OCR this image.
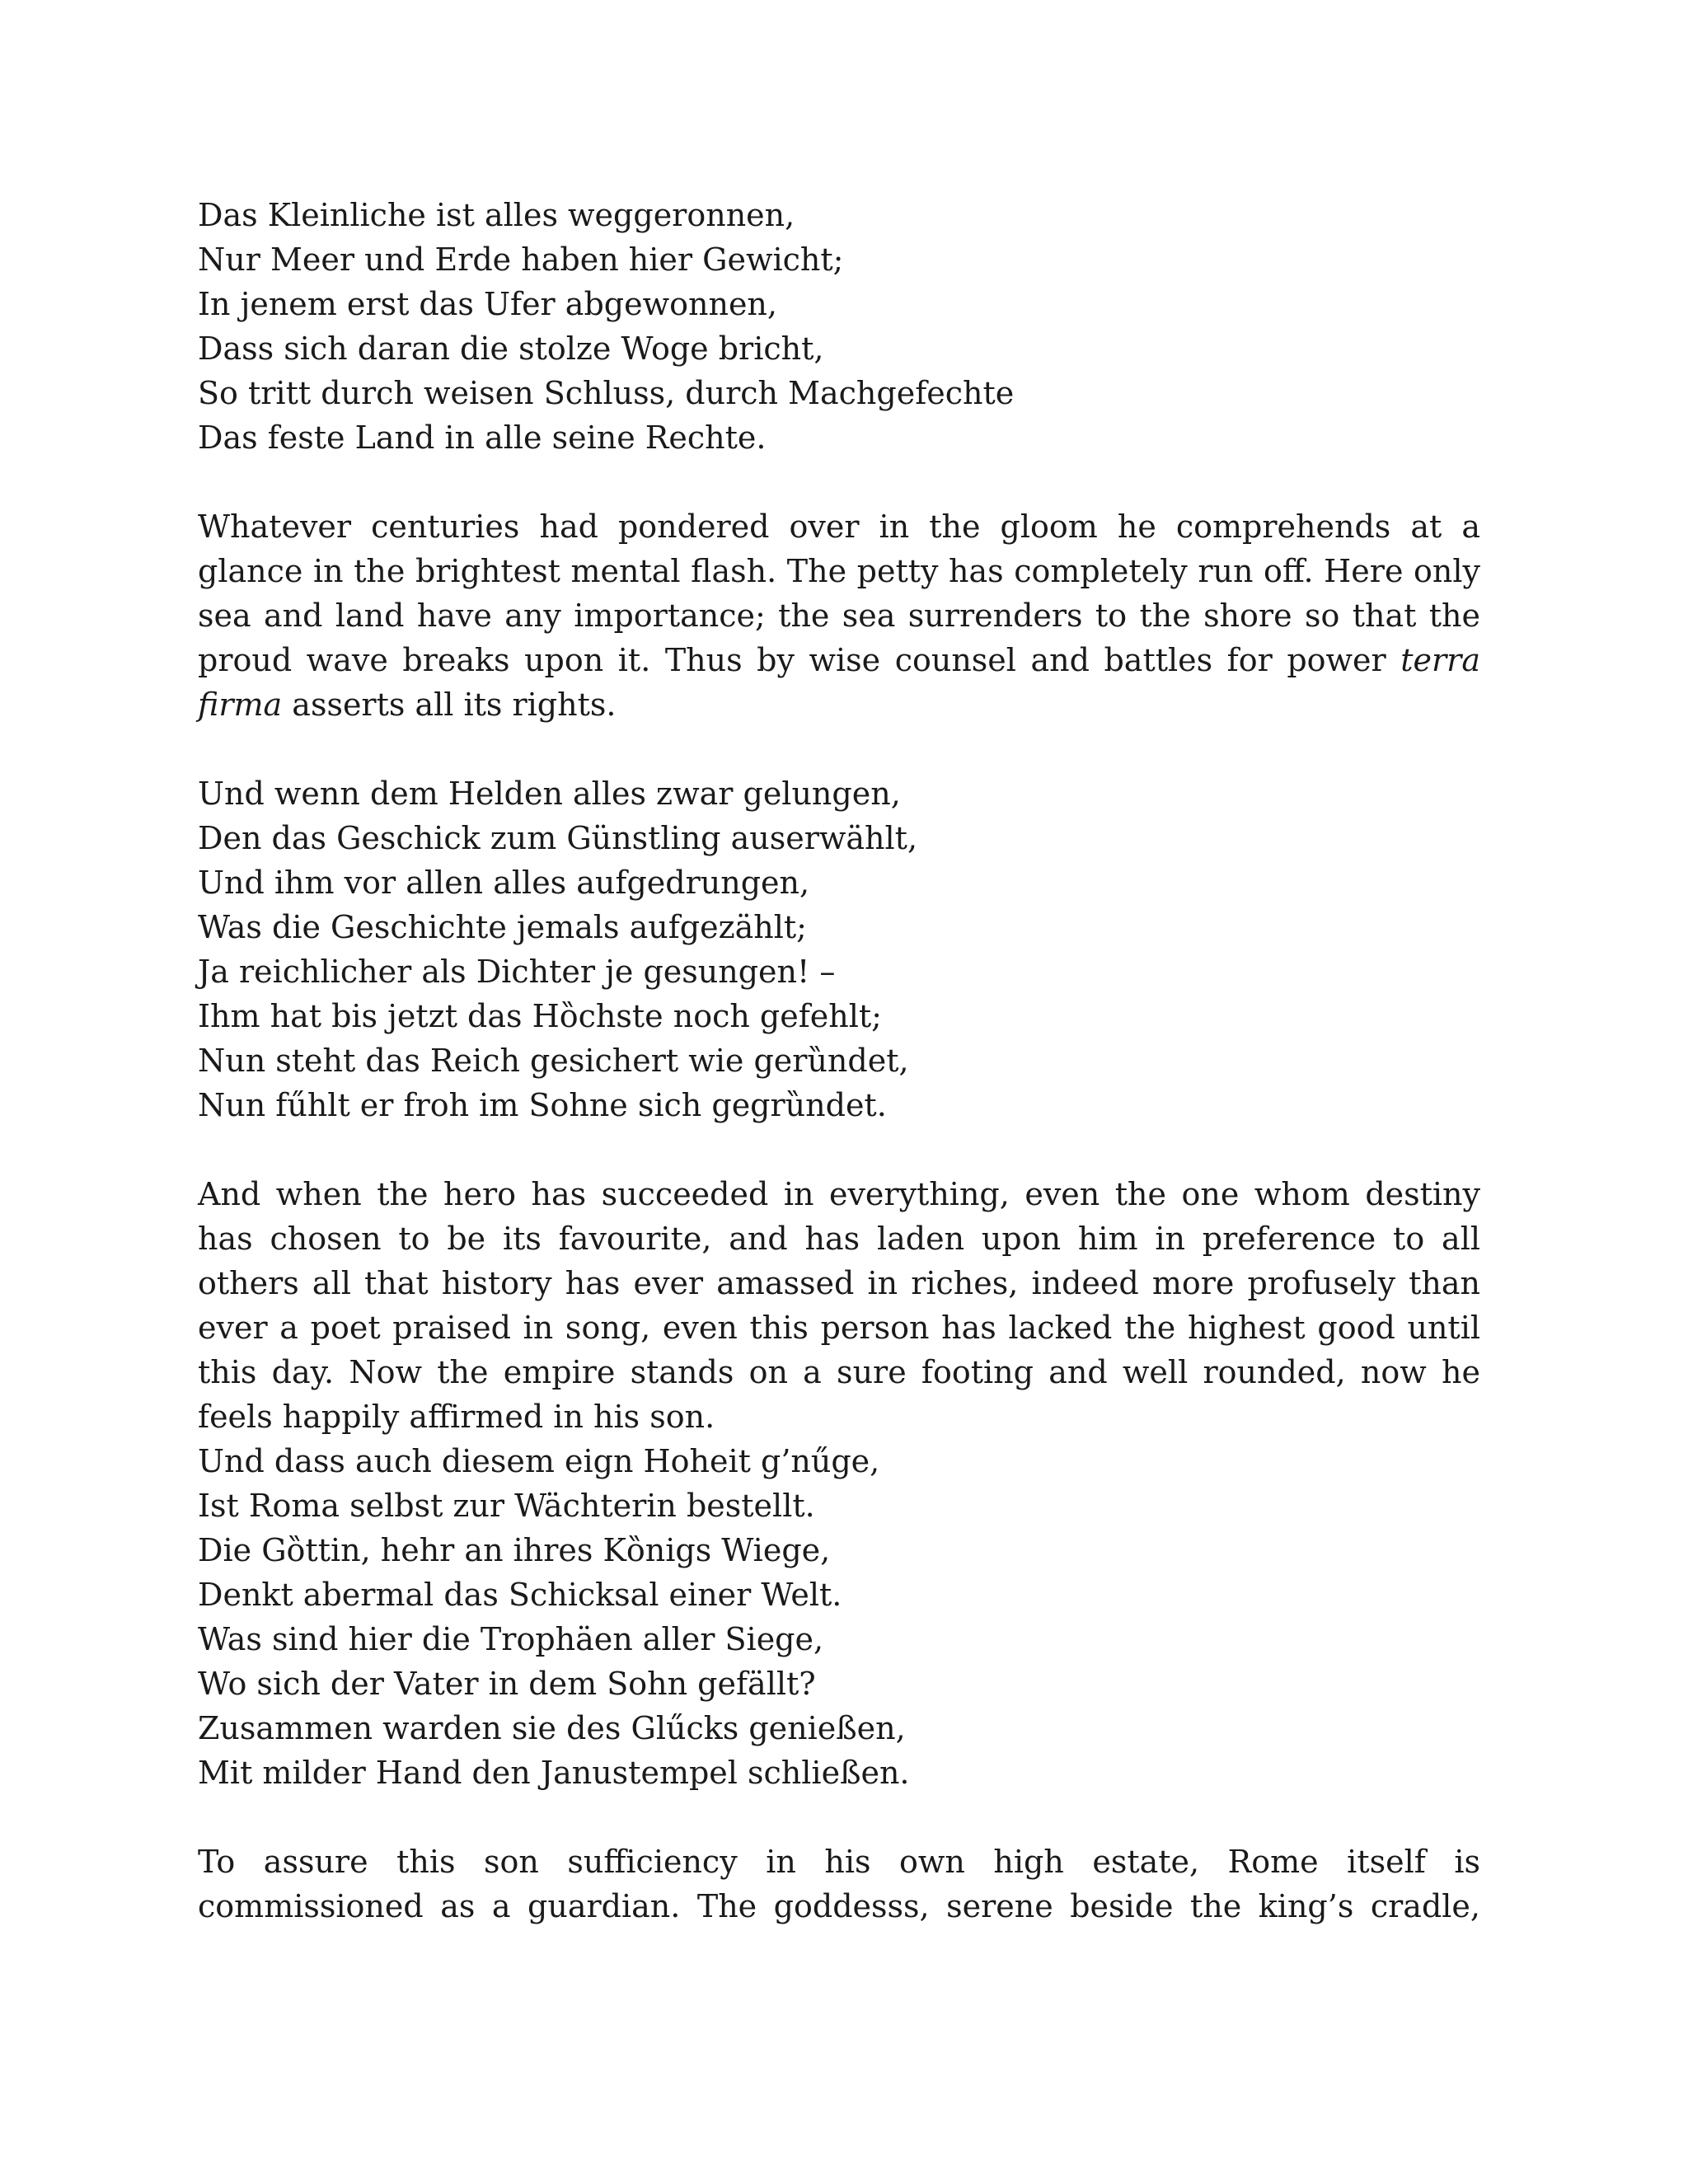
Das Kleinliche ist alles weggeronnen,
Nur Meer und Erde haben hier Gewicht;
In jenem erst das Ufer abgewonnen,
Dass sich daran die stolze Woge bricht,
So tritt durch weisen Schluss, durch Machgefechte
Das feste Land in alle seine Rechte.

Whatever centuries had pondered over in the gloom he comprehends at a glance in the brightest mental flash. The petty has completely run off. Here only sea and land have any importance; the sea surrenders to the shore so that the proud wave breaks upon it. Thus by wise counsel and battles for power terra firma asserts all its rights.

Und wenn dem Helden alles zwar gelungen,
Den das Geschick zum Günstling auserwählt,
Und ihm vor allen alles aufgedrungen,
Was die Geschichte jemals aufgezählt;
Ja reichlicher als Dichter je gesungen! –
Ihm hat bis jetzt das Hȍchste noch gefehlt;
Nun steht das Reich gesichert wie gerȕndet,
Nun fűhlt er froh im Sohne sich gegrȕndet.

And when the hero has succeeded in everything, even the one whom destiny has chosen to be its favourite, and has laden upon him in preference to all others all that history has ever amassed in riches, indeed more profusely than ever a poet praised in song, even this person has lacked the highest good until this day. Now the empire stands on a sure footing and well rounded, now he feels happily affirmed in his son.

Und dass auch diesem eign Hoheit g’nűge,
Ist Roma selbst zur Wächterin bestellt.
Die Gȍttin, hehr an ihres Kȍnigs Wiege,
Denkt abermal das Schicksal einer Welt.
Was sind hier die Trophäen aller Siege,
Wo sich der Vater in dem Sohn gefällt?
Zusammen warden sie des Glűcks genießen,
Mit milder Hand den Janustempel schließen.

To assure this son sufficiency in his own high estate, Rome itself is commissioned as a guardian. The goddesss, serene beside the king’s cradle,
